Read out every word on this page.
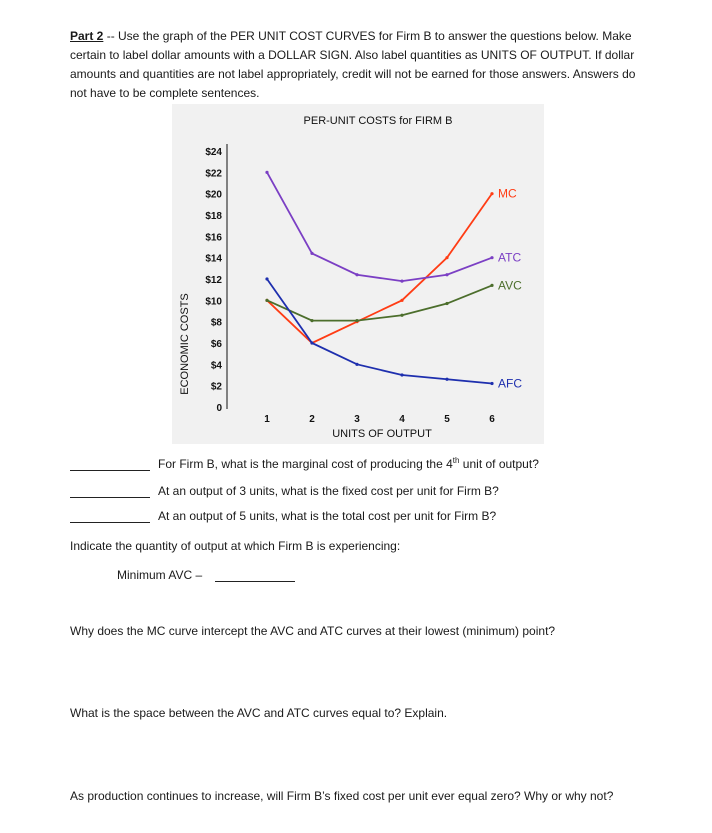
Part 2 -- Use the graph of the PER UNIT COST CURVES for Firm B to answer the questions below. Make certain to label dollar amounts with a DOLLAR SIGN. Also label quantities as UNITS OF OUTPUT. If dollar amounts and quantities are not label appropriately, credit will not be earned for those answers. Answers do not have to be complete sentences.
PER-UNIT COSTS for FIRM B
ECONOMIC COSTS
UNITS OF OUTPUT
0
$2
$4
$6
$8
$10
$12
$14
$16
$18
$20
$22
$24
1	2	3	4	5	6
MC
ATC
AVC
AFC
For Firm B, what is the marginal cost of producing the 4th unit of output?
At an output of 3 units, what is the fixed cost per unit for Firm B?
At an output of 5 units, what is the total cost per unit for Firm B?
Indicate the quantity of output at which Firm B is experiencing:
Minimum AVC –
Why does the MC curve intercept the AVC and ATC curves at their lowest (minimum) point?
What is the space between the AVC and ATC curves equal to? Explain.
As production continues to increase, will Firm B’s fixed cost per unit ever equal zero? Why or why not?
